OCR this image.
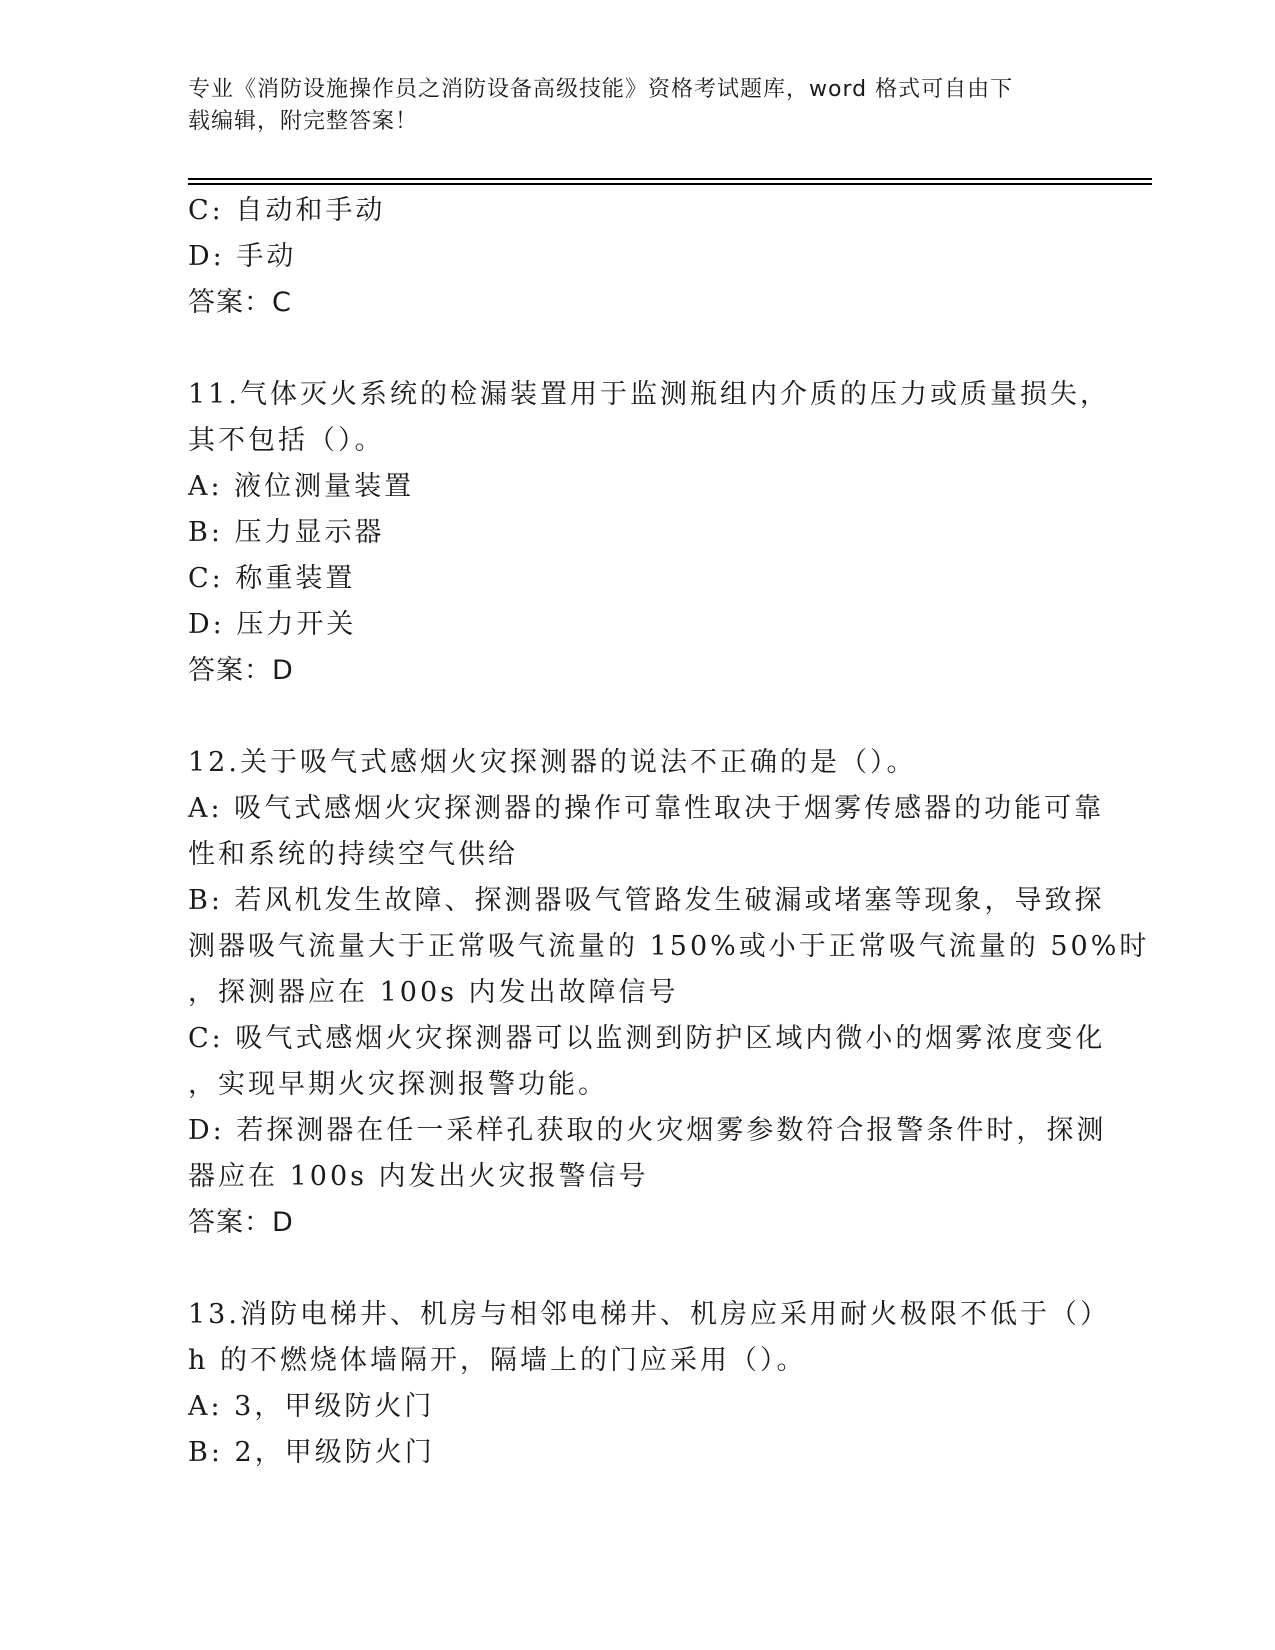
专业《消防设施操作员之消防设备高级技能》资格考试题库，word 格式可自由下
载编辑，附完整答案！
C: 自动和手动
D: 手动
答案：C
11.气体灭火系统的检漏装置用于监测瓶组内介质的压力或质量损失，
其不包括（）。
A: 液位测量装置
B: 压力显示器
C: 称重装置
D: 压力开关
答案：D
12.关于吸气式感烟火灾探测器的说法不正确的是（）。
A: 吸气式感烟火灾探测器的操作可靠性取决于烟雾传感器的功能可靠
性和系统的持续空气供给
B: 若风机发生故障、探测器吸气管路发生破漏或堵塞等现象，导致探
测器吸气流量大于正常吸气流量的 150%或小于正常吸气流量的 50%时
，探测器应在 100s 内发出故障信号
C: 吸气式感烟火灾探测器可以监测到防护区域内微小的烟雾浓度变化
，实现早期火灾探测报警功能。
D: 若探测器在任一采样孔获取的火灾烟雾参数符合报警条件时，探测
器应在 100s 内发出火灾报警信号
答案：D
13.消防电梯井、机房与相邻电梯井、机房应采用耐火极限不低于（）
h 的不燃烧体墙隔开，隔墙上的门应采用（）。
A: 3，甲级防火门
B: 2，甲级防火门
